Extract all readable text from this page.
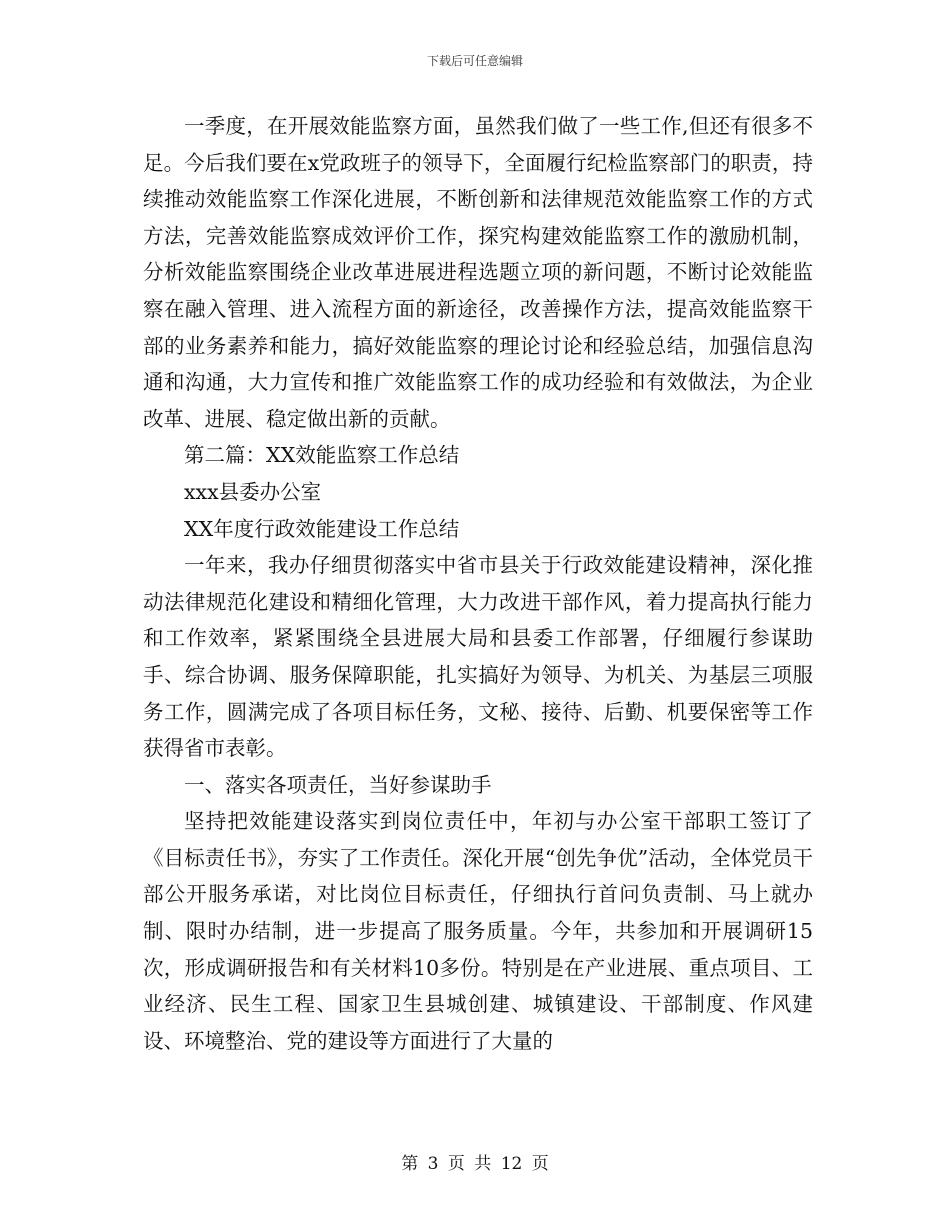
下载后可任意编辑

一季度，在开展效能监察方面，虽然我们做了一些工作,但还有很多不足。今后我们要在x党政班子的领导下，全面履行纪检监察部门的职责，持续推动效能监察工作深化进展，不断创新和法律规范效能监察工作的方式方法，完善效能监察成效评价工作，探究构建效能监察工作的激励机制，分析效能监察围绕企业改革进展进程选题立项的新问题，不断讨论效能监察在融入管理、进入流程方面的新途径，改善操作方法，提高效能监察干部的业务素养和能力，搞好效能监察的理论讨论和经验总结，加强信息沟通和沟通，大力宣传和推广效能监察工作的成功经验和有效做法，为企业改革、进展、稳定做出新的贡献。

第二篇：XX效能监察工作总结

xxx县委办公室

XX年度行政效能建设工作总结

一年来，我办仔细贯彻落实中省市县关于行政效能建设精神，深化推动法律规范化建设和精细化管理，大力改进干部作风，着力提高执行能力和工作效率，紧紧围绕全县进展大局和县委工作部署，仔细履行参谋助手、综合协调、服务保障职能，扎实搞好为领导、为机关、为基层三项服务工作，圆满完成了各项目标任务，文秘、接待、后勤、机要保密等工作获得省市表彰。

一、落实各项责任，当好参谋助手

坚持把效能建设落实到岗位责任中，年初与办公室干部职工签订了《目标责任书》，夯实了工作责任。深化开展“创先争优”活动，全体党员干部公开服务承诺，对比岗位目标责任，仔细执行首问负责制、马上就办制、限时办结制，进一步提高了服务质量。今年，共参加和开展调研15次，形成调研报告和有关材料10多份。特别是在产业进展、重点项目、工业经济、民生工程、国家卫生县城创建、城镇建设、干部制度、作风建设、环境整治、党的建设等方面进行了大量的

第 3 页 共 12 页
